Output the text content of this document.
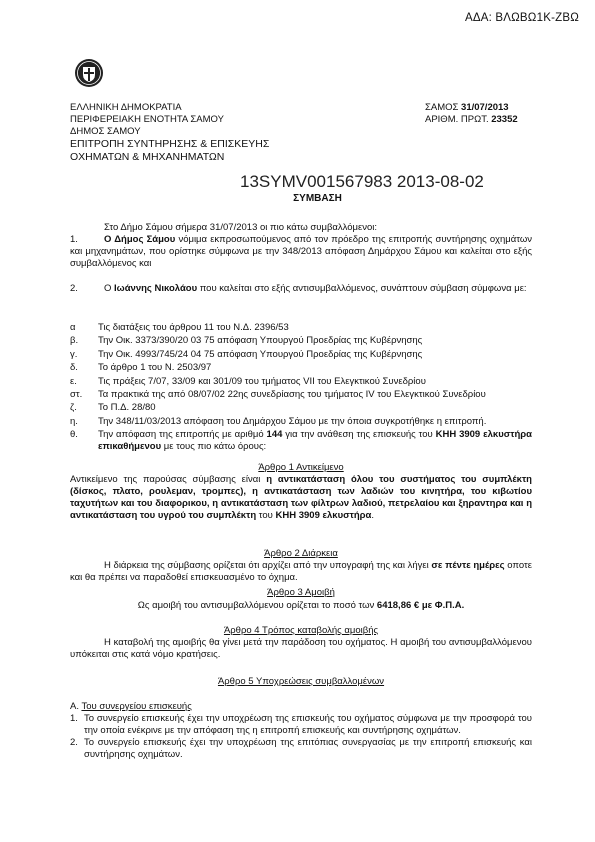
ΑΔΑ: ΒΛΩΒΩ1Κ-ΖΒΩ
ΕΛΛΗΝΙΚΗ ΔΗΜΟΚΡΑΤΙΑ
ΠΕΡΙΦΕΡΕΙΑΚΗ ΕΝΟΤΗΤΑ ΣΑΜΟΥ
ΔΗΜΟΣ ΣΑΜΟΥ
ΕΠΙΤΡΟΠΗ ΣΥΝΤΗΡΗΣΗΣ & ΕΠΙΣΚΕΥΗΣ
ΟΧΗΜΑΤΩΝ & ΜΗΧΑΝΗΜΑΤΩΝ
ΣΑΜΟΣ 31/07/2013
ΑΡΙΘΜ. ΠΡΩΤ. 23352
13SYMV001567983 2013-08-02
ΣΥΜΒΑΣΗ
Στο Δήμο Σάμου σήμερα 31/07/2013 οι πιο κάτω συμβαλλόμενοι:
1.	Ο Δήμος Σάμου νόμιμα εκπροσωπούμενος από τον πρόεδρο της επιτροπής συντήρησης οχημάτων και μηχανημάτων, που ορίστηκε σύμφωνα με την 348/2013 απόφαση Δημάρχου Σάμου και καλείται στο εξής συμβαλλόμενος και
2.	Ο Ιωάννης Νικολάου που καλείται στο εξής αντισυμβαλλόμενος, συνάπτουν σύμβαση σύμφωνα με:
α	Τις διατάξεις του άρθρου 11 του Ν.Δ. 2396/53
β.	Την Οικ. 3373/390/20 03 75 απόφαση Υπουργού Προεδρίας της Κυβέρνησης
γ.	Την Οικ. 4993/745/24 04 75 απόφαση Υπουργού Προεδρίας της Κυβέρνησης
δ.	Το άρθρο 1 του Ν. 2503/97
ε.	Τις πράξεις 7/07, 33/09 και 301/09 του τμήματος VII του Ελεγκτικού Συνεδρίου
στ.	Τα πρακτικά της από 08/07/02 22ης συνεδρίασης του τμήματος IV του Ελεγκτικού Συνεδρίου
ζ.	Το Π.Δ. 28/80
η.	Την 348/11/03/2013 απόφαση του Δημάρχου Σάμου με την όποια συγκροτήθηκε η επιτροπή.
θ.	Την απόφαση της επιτροπής με αριθμό 144 για την ανάθεση της επισκευής του ΚΗΗ 3909 ελκυστήρα επικαθήμενου με τους πιο κάτω όρους:
Άρθρο 1 Αντικείμενο
Αντικείμενο της παρούσας σύμβασης είναι η αντικατάσταση όλου του συστήματος του συμπλέκτη (δίσκος, πλατο, ρουλεμαν, τρομπες), η αντικατάσταση των λαδιών του κινητήρα, του κιβωτίου ταχυτήτων και του διαφορικου, η αντικατάσταση των φίλτρων λαδιού, πετρελαίου και ξηραντηρα και η αντικατάσταση του υγρού του συμπλέκτη του ΚΗΗ 3909 ελκυστήρα.
Άρθρο 2 Διάρκεια
Η διάρκεια της σύμβασης ορίζεται ότι αρχίζει από την υπογραφή της και λήγει σε πέντε ημέρες οποτε και θα πρέπει να παραδοθεί επισκευασμένο το όχημα.
Άρθρο 3 Αμοιβή
Ως αμοιβή του αντισυμβαλλόμενου ορίζεται το ποσό των 6418,86 € με Φ.Π.Α.
Άρθρο 4 Τρόπος καταβολής αμοιβής
Η καταβολή της αμοιβής θα γίνει μετά την παράδοση του οχήματος. Η αμοιβή του αντισυμβαλλόμενου υπόκειται στις κατά νόμο κρατήσεις.
Άρθρο 5 Υποχρεώσεις συμβαλλομένων
Α. Του συνεργείου επισκευής
1. Το συνεργείο επισκευής έχει την υποχρέωση της επισκευής του οχήματος σύμφωνα με την προσφορά του την οποία ενέκρινε με την απόφαση της η επιτροπή επισκευής και συντήρησης οχημάτων.
2. Το συνεργείο επισκευής έχει την υποχρέωση της επιτόπιας συνεργασίας με την επιτροπή επισκευής και συντήρησης οχημάτων.
